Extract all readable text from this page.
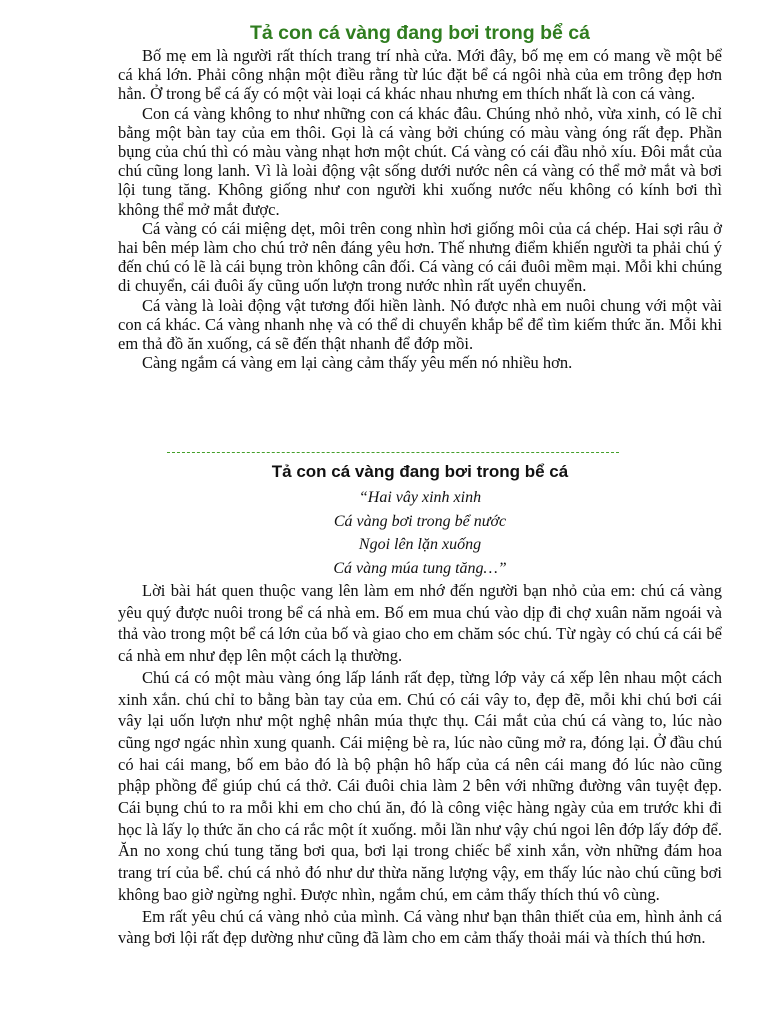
Tả con cá vàng đang bơi trong bể cá

Bố mẹ em là người rất thích trang trí nhà cửa. Mới đây, bố mẹ em có mang về một bể cá khá lớn. Phải công nhận một điều rằng từ lúc đặt bể cá ngôi nhà của em trông đẹp hơn hẳn. Ở trong bể cá ấy có một vài loại cá khác nhau nhưng em thích nhất là con cá vàng.

Con cá vàng không to như những con cá khác đâu. Chúng nhỏ nhỏ, vừa xinh, có lẽ chỉ bằng một bàn tay của em thôi. Gọi là cá vàng bởi chúng có màu vàng óng rất đẹp. Phần bụng của chú thì có màu vàng nhạt hơn một chút. Cá vàng có cái đầu nhỏ xíu. Đôi mắt của chú cũng long lanh. Vì là loài động vật sống dưới nước nên cá vàng có thể mở mắt và bơi lội tung tăng. Không giống như con người khi xuống nước nếu không có kính bơi thì không thể mở mắt được.

Cá vàng có cái miệng dẹt, môi trên cong nhìn hơi giống môi của cá chép. Hai sợi râu ở hai bên mép làm cho chú trở nên đáng yêu hơn. Thế nhưng điểm khiến người ta phải chú ý đến chú có lẽ là cái bụng tròn không cân đối. Cá vàng có cái đuôi mềm mại. Mỗi khi chúng di chuyển, cái đuôi ấy cũng uốn lượn trong nước nhìn rất uyển chuyển.

Cá vàng là loài động vật tương đối hiền lành. Nó được nhà em nuôi chung với một vài con cá khác. Cá vàng nhanh nhẹ và có thể di chuyển khắp bể để tìm kiếm thức ăn. Mỗi khi em thả đồ ăn xuống, cá sẽ đến thật nhanh để đớp mồi.

Càng ngắm cá vàng em lại càng cảm thấy yêu mến nó nhiều hơn.

Tả con cá vàng đang bơi trong bể cá
“Hai vây xinh xinh
Cá vàng bơi trong bể nước
Ngoi lên lặn xuống
Cá vàng múa tung tăng…”

Lời bài hát quen thuộc vang lên làm em nhớ đến người bạn nhỏ của em: chú cá vàng yêu quý được nuôi trong bể cá nhà em. Bố em mua chú vào dịp đi chợ xuân năm ngoái và thả vào trong một bể cá lớn của bố và giao cho em chăm sóc chú. Từ ngày có chú cá cái bể cá nhà em như đẹp lên một cách lạ thường.

Chú cá có một màu vàng óng lấp lánh rất đẹp, từng lớp vảy cá xếp lên nhau một cách xinh xắn. chú chỉ to bằng bàn tay của em. Chú có cái vây to, đẹp đẽ, mỗi khi chú bơi cái vây lại uốn lượn như một nghệ nhân múa thực thụ. Cái mắt của chú cá vàng to, lúc nào cũng ngơ ngác nhìn xung quanh. Cái miệng bè ra, lúc nào cũng mở ra, đóng lại. Ở đầu chú có hai cái mang, bố em bảo đó là bộ phận hô hấp của cá nên cái mang đó lúc nào cũng phập phồng để giúp chú cá thở. Cái đuôi chia làm 2 bên với những đường vân tuyệt đẹp. Cái bụng chú to ra mỗi khi em cho chú ăn, đó là công việc hàng ngày của em trước khi đi học là lấy lọ thức ăn cho cá rắc một ít xuống. mỗi lần như vậy chú ngoi lên đớp lấy đớp để. Ăn no xong chú tung tăng bơi qua, bơi lại trong chiếc bể xinh xắn, vờn những đám hoa trang trí của bể. chú cá nhỏ đó như dư thừa năng lượng vậy, em thấy lúc nào chú cũng bơi không bao giờ ngừng nghỉ. Được nhìn, ngắm chú, em cảm thấy thích thú vô cùng.

Em rất yêu chú cá vàng nhỏ của mình. Cá vàng như bạn thân thiết của em, hình ảnh cá vàng bơi lội rất đẹp dường như cũng đã làm cho em cảm thấy thoải mái và thích thú hơn.
